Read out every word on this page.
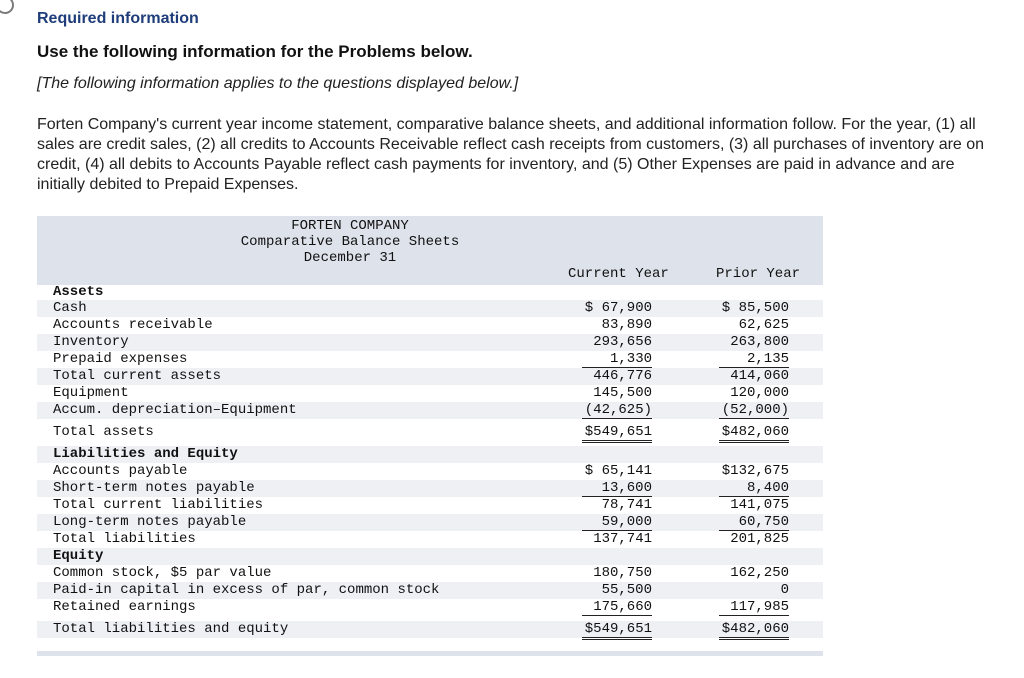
Required information
Use the following information for the Problems below.
[The following information applies to the questions displayed below.]
Forten Company's current year income statement, comparative balance sheets, and additional information follow. For the year, (1) all sales are credit sales, (2) all credits to Accounts Receivable reflect cash receipts from customers, (3) all purchases of inventory are on credit, (4) all debits to Accounts Payable reflect cash payments for inventory, and (5) Other Expenses are paid in advance and are initially debited to Prepaid Expenses.
FORTEN COMPANY
Comparative Balance Sheets
December 31
Current Year	Prior Year
Assets
Cash	$ 67,900	$ 85,500
Accounts receivable	83,890	62,625
Inventory	293,656	263,800
Prepaid expenses	1,330	2,135
Total current assets	446,776	414,060
Equipment	145,500	120,000
Accum. depreciation–Equipment	(42,625)	(52,000)
Total assets	$549,651	$482,060
Liabilities and Equity
Accounts payable	$ 65,141	$132,675
Short-term notes payable	13,600	8,400
Total current liabilities	78,741	141,075
Long-term notes payable	59,000	60,750
Total liabilities	137,741	201,825
Equity
Common stock, $5 par value	180,750	162,250
Paid-in capital in excess of par, common stock	55,500	0
Retained earnings	175,660	117,985
Total liabilities and equity	$549,651	$482,060
